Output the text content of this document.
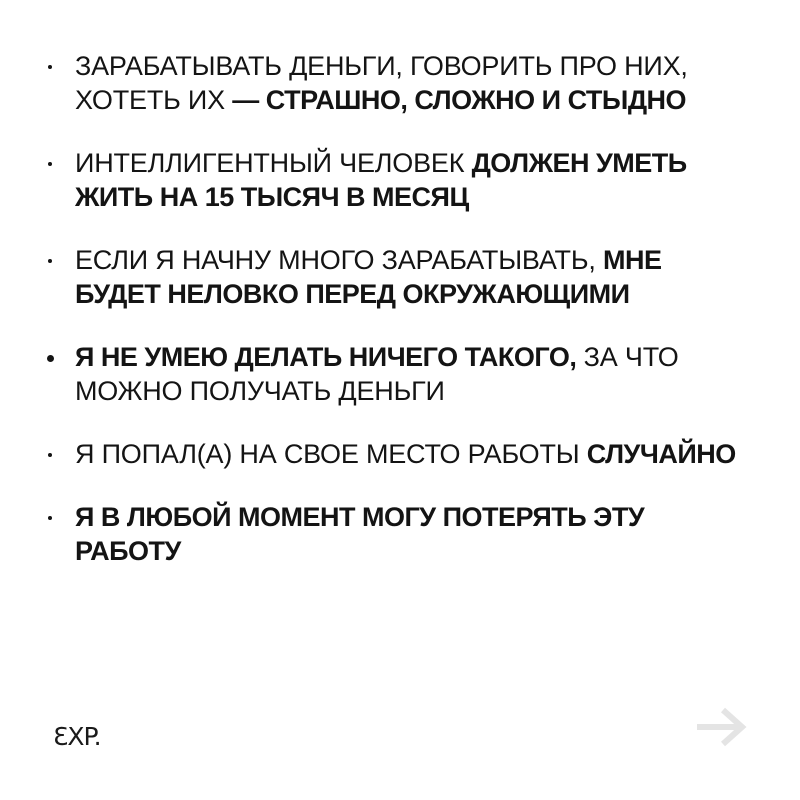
ЗАРАБАТЫВАТЬ ДЕНЬГИ, ГОВОРИТЬ ПРО НИХ, ХОТЕТЬ ИХ — СТРАШНО, СЛОЖНО И СТЫДНО
ИНТЕЛЛИГЕНТНЫЙ ЧЕЛОВЕК ДОЛЖЕН УМЕТЬ ЖИТЬ НА 15 ТЫСЯЧ В МЕСЯЦ
ЕСЛИ Я НАЧНУ МНОГО ЗАРАБАТЫВАТЬ, МНЕ БУДЕТ НЕЛОВКО ПЕРЕД ОКРУЖАЮЩИМИ
Я НЕ УМЕЮ ДЕЛАТЬ НИЧЕГО ТАКОГО, ЗА ЧТО МОЖНО ПОЛУЧАТЬ ДЕНЬГИ
Я ПОПАЛ(А) НА СВОЕ МЕСТО РАБОТЫ СЛУЧАЙНО
Я В ЛЮБОЙ МОМЕНТ МОГУ ПОТЕРЯТЬ ЭТУ РАБОТУ
ƐXP.
